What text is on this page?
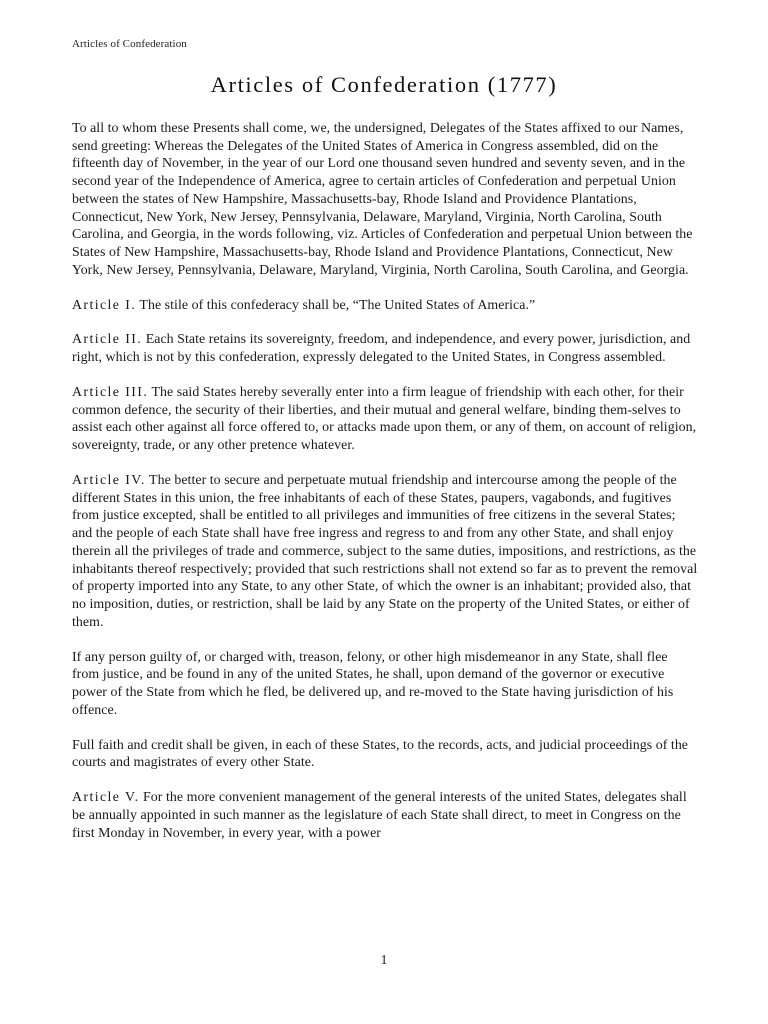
Articles of Confederation
Articles of Confederation (1777)

To all to whom these Presents shall come, we, the undersigned, Delegates of the States affixed to our Names, send greeting: Whereas the Delegates of the United States of America in Congress assembled, did on the fifteenth day of November, in the year of our Lord one thousand seven hundred and seventy seven, and in the second year of the Independence of America, agree to certain articles of Confederation and perpetual Union between the states of New Hampshire, Massachusetts-bay, Rhode Island and Providence Plantations, Connecticut, New York, New Jersey, Pennsylvania, Delaware, Maryland, Virginia, North Carolina, South Carolina, and Georgia, in the words following, viz. Articles of Confederation and perpetual Union between the States of New Hampshire, Massachusetts-bay, Rhode Island and Providence Plantations, Connecticut, New York, New Jersey, Pennsylvania, Delaware, Maryland, Virginia, North Carolina, South Carolina, and Georgia.

Article I. The stile of this confederacy shall be, “The United States of America.”

Article II. Each State retains its sovereignty, freedom, and independence, and every power, jurisdiction, and right, which is not by this confederation, expressly delegated to the United States, in Congress assembled.

Article III. The said States hereby severally enter into a firm league of friendship with each other, for their common defence, the security of their liberties, and their mutual and general welfare, binding them-selves to assist each other against all force offered to, or attacks made upon them, or any of them, on account of religion, sovereignty, trade, or any other pretence whatever.

Article IV. The better to secure and perpetuate mutual friendship and intercourse among the people of the different States in this union, the free inhabitants of each of these States, paupers, vagabonds, and fugitives from justice excepted, shall be entitled to all privileges and immunities of free citizens in the several States; and the people of each State shall have free ingress and regress to and from any other State, and shall enjoy therein all the privileges of trade and commerce, subject to the same duties, impositions, and restrictions, as the inhabitants thereof respectively; provided that such restrictions shall not extend so far as to prevent the removal of property imported into any State, to any other State, of which the owner is an inhabitant; provided also, that no imposition, duties, or restriction, shall be laid by any State on the property of the United States, or either of them.

If any person guilty of, or charged with, treason, felony, or other high misdemeanor in any State, shall flee from justice, and be found in any of the united States, he shall, upon demand of the governor or executive power of the State from which he fled, be delivered up, and re-moved to the State having jurisdiction of his offence.

Full faith and credit shall be given, in each of these States, to the records, acts, and judicial proceedings of the courts and magistrates of every other State.

Article V. For the more convenient management of the general interests of the united States, delegates shall be annually appointed in such manner as the legislature of each State shall direct, to meet in Congress on the first Monday in November, in every year, with a power

1
